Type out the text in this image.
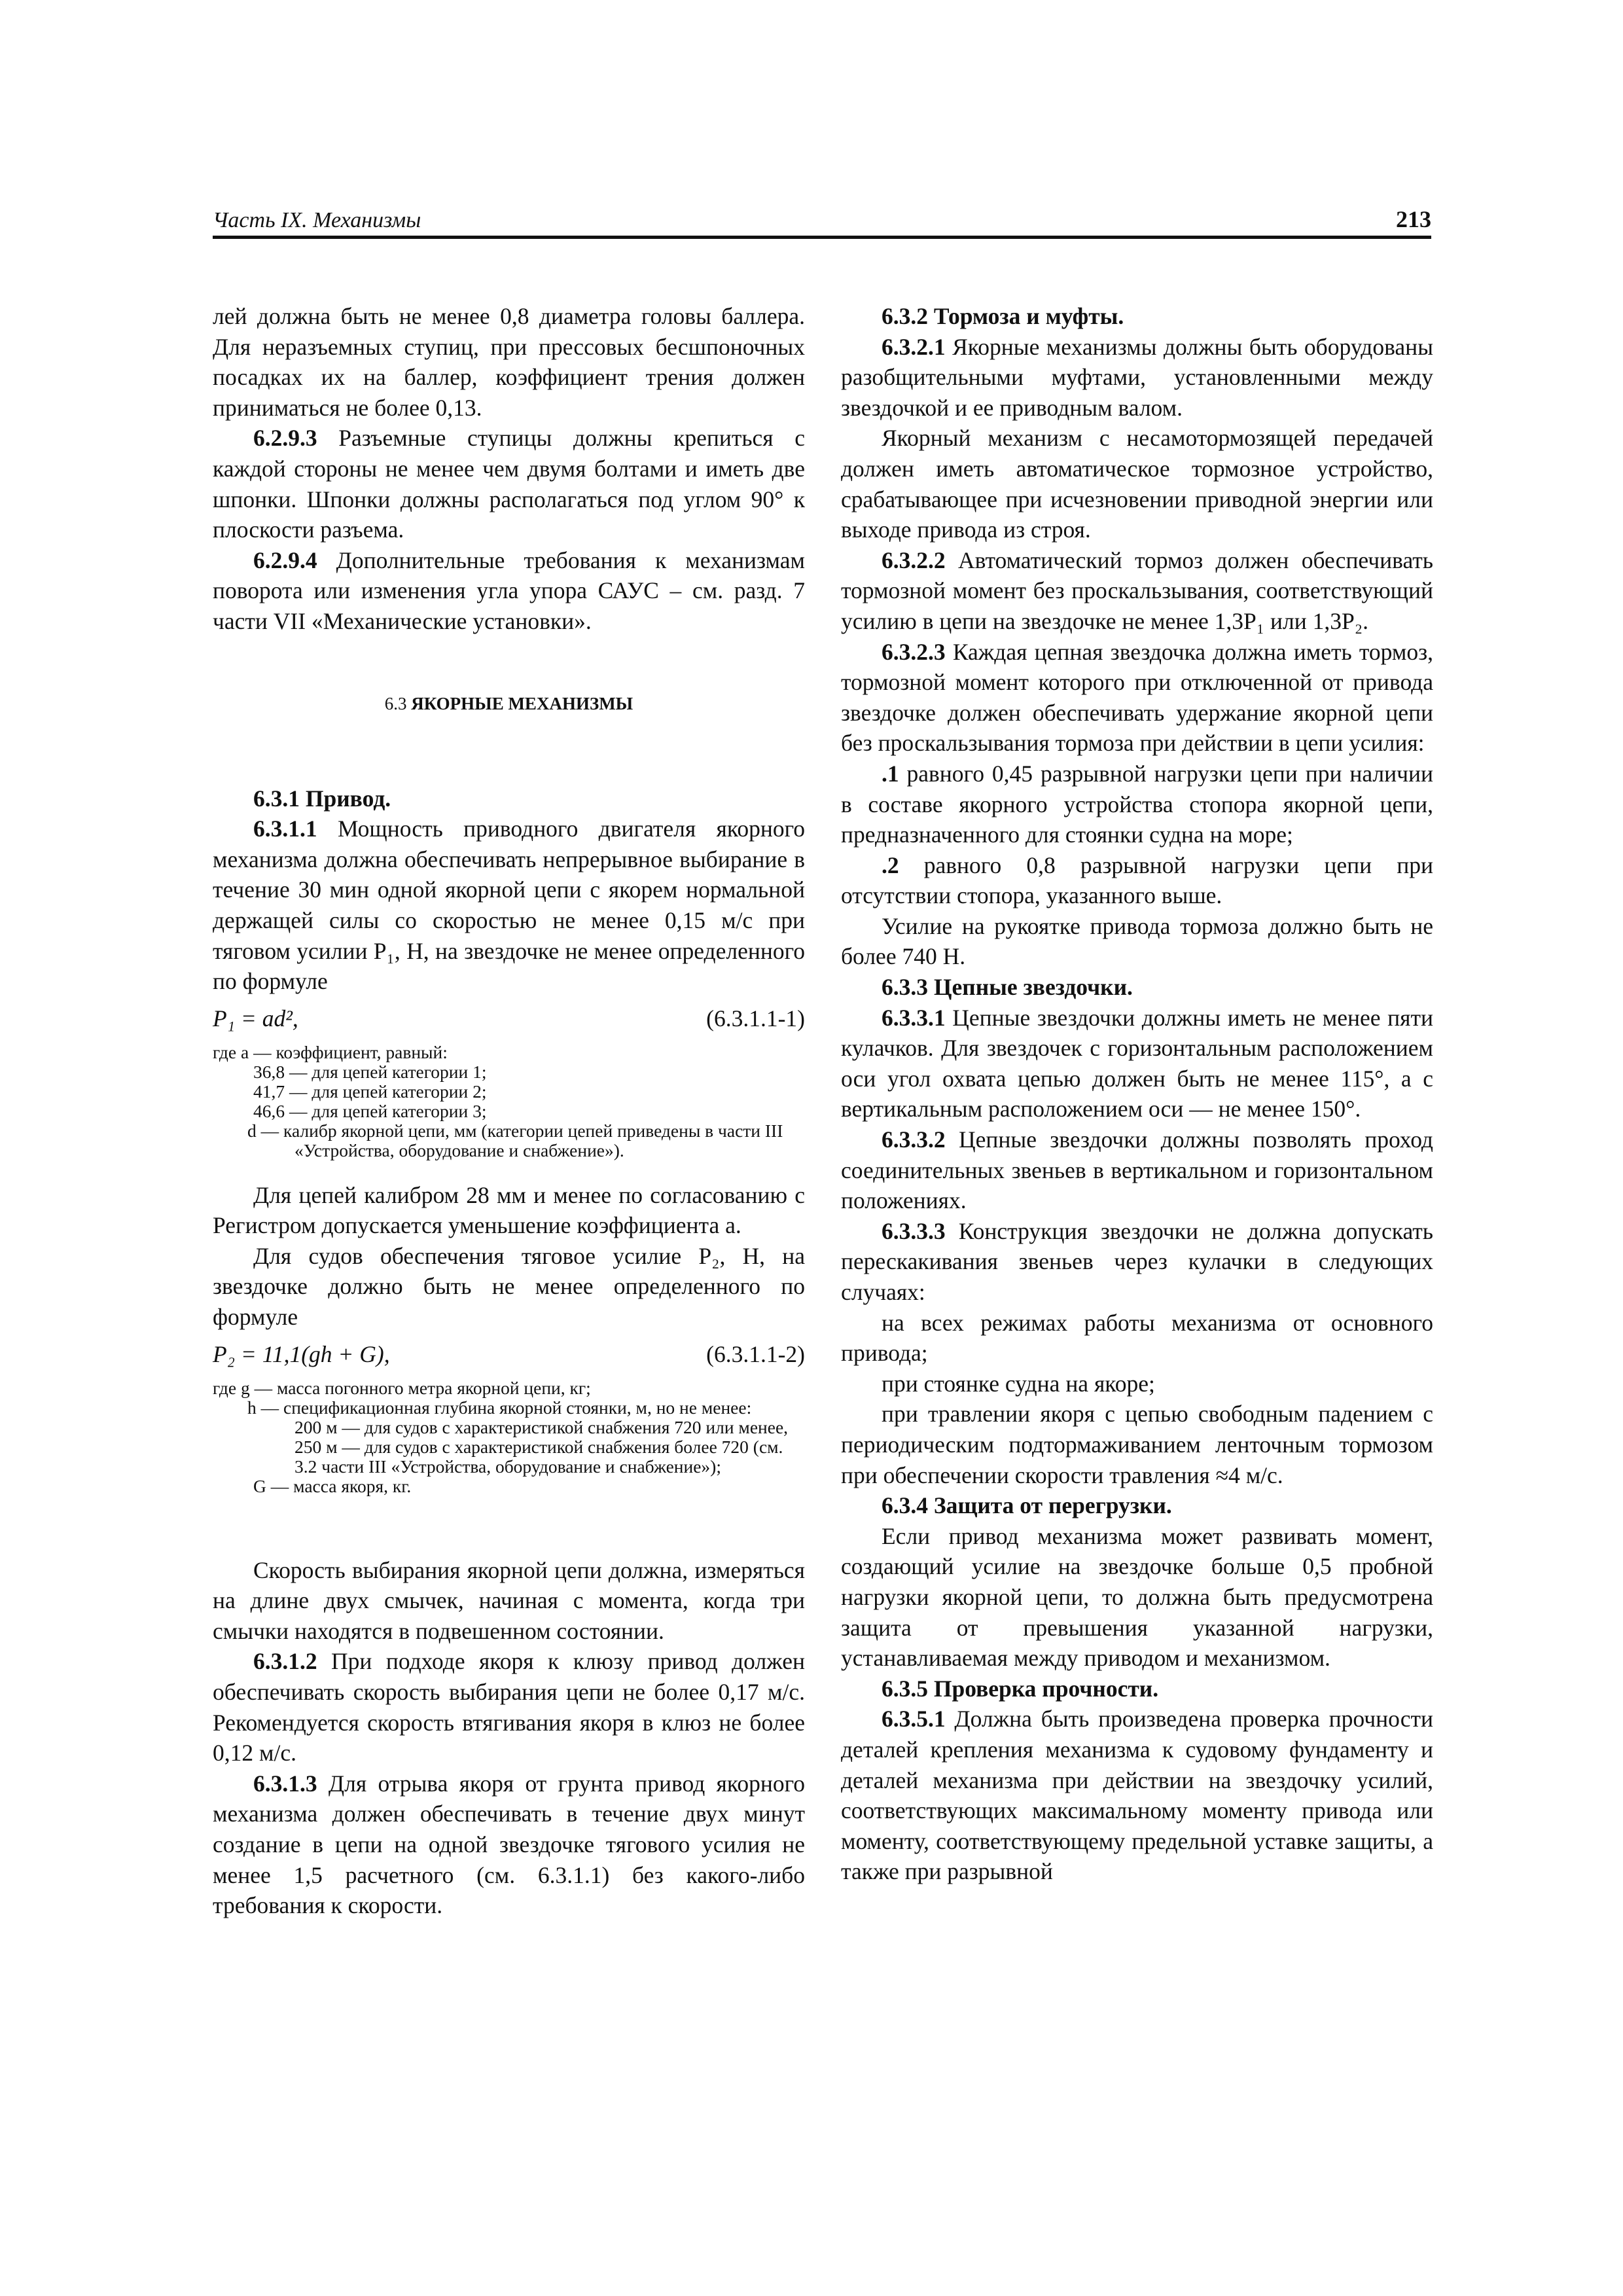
Часть IX. Механизмы	213

лей должна быть не менее 0,8 диаметра головы баллера. Для неразъемных ступиц, при прессовых бесшпоночных посадках их на баллер, коэффициент трения должен приниматься не более 0,13.

6.2.9.3 Разъемные ступицы должны крепиться с каждой стороны не менее чем двумя болтами и иметь две шпонки. Шпонки должны располагаться под углом 90° к плоскости разъема.

6.2.9.4 Дополнительные требования к механизмам поворота или изменения угла упора САУС – см. разд. 7 части VII «Механические установки».

6.3 ЯКОРНЫЕ МЕХАНИЗМЫ

6.3.1 Привод.

6.3.1.1 Мощность приводного двигателя якорного механизма должна обеспечивать непрерывное выбирание в течение 30 мин одной якорной цепи с якорем нормальной держащей силы со скоростью не менее 0,15 м/с при тяговом усилии P₁, Н, на звездочке не менее определенного по формуле

P₁ = ad²,	(6.3.1.1-1)
где a — коэффициент, равный:
36,8 — для цепей категории 1;
41,7 — для цепей категории 2;
46,6 — для цепей категории 3;
d — калибр якорной цепи, мм (категории цепей приведены в части III «Устройства, оборудование и снабжение»).

Для цепей калибром 28 мм и менее по согласованию с Регистром допускается уменьшение коэффициента a.

Для судов обеспечения тяговое усилие P₂, Н, на звездочке должно быть не менее определенного по формуле

P₂ = 11,1(gh + G),	(6.3.1.1-2)
где g — масса погонного метра якорной цепи, кг;
h — спецификационная глубина якорной стоянки, м, но не менее:
200 м — для судов с характеристикой снабжения 720 или менее,
250 м — для судов с характеристикой снабжения более 720 (см. 3.2 части III «Устройства, оборудование и снабжение»);
G — масса якоря, кг.

Скорость выбирания якорной цепи должна, измеряться на длине двух смычек, начиная с момента, когда три смычки находятся в подвешенном состоянии.

6.3.1.2 При подходе якоря к клюзу привод должен обеспечивать скорость выбирания цепи не более 0,17 м/с. Рекомендуется скорость втягивания якоря в клюз не более 0,12 м/с.

6.3.1.3 Для отрыва якоря от грунта привод якорного механизма должен обеспечивать в течение двух минут создание в цепи на одной звездочке тягового усилия не менее 1,5 расчетного (см. 6.3.1.1) без какого-либо требования к скорости.

6.3.2 Тормоза и муфты.

6.3.2.1 Якорные механизмы должны быть оборудованы разобщительными муфтами, установленными между звездочкой и ее приводным валом.

Якорный механизм с несамотормозящей передачей должен иметь автоматическое тормозное устройство, срабатывающее при исчезновении приводной энергии или выходе привода из строя.

6.3.2.2 Автоматический тормоз должен обеспечивать тормозной момент без проскальзывания, соответствующий усилию в цепи на звездочке не менее 1,3P₁ или 1,3P₂.

6.3.2.3 Каждая цепная звездочка должна иметь тормоз, тормозной момент которого при отключенной от привода звездочке должен обеспечивать удержание якорной цепи без проскальзывания тормоза при действии в цепи усилия:

.1 равного 0,45 разрывной нагрузки цепи при наличии в составе якорного устройства стопора якорной цепи, предназначенного для стоянки судна на море;

.2 равного 0,8 разрывной нагрузки цепи при отсутствии стопора, указанного выше.

Усилие на рукоятке привода тормоза должно быть не более 740 Н.

6.3.3 Цепные звездочки.

6.3.3.1 Цепные звездочки должны иметь не менее пяти кулачков. Для звездочек с горизонтальным расположением оси угол охвата цепью должен быть не менее 115°, а с вертикальным расположением оси — не менее 150°.

6.3.3.2 Цепные звездочки должны позволять проход соединительных звеньев в вертикальном и горизонтальном положениях.

6.3.3.3 Конструкция звездочки не должна допускать перескакивания звеньев через кулачки в следующих случаях:

на всех режимах работы механизма от основного привода;

при стоянке судна на якоре;

при травлении якоря с цепью свободным падением с периодическим подтормаживанием ленточным тормозом при обеспечении скорости травления ≈4 м/с.

6.3.4 Защита от перегрузки.

Если привод механизма может развивать момент, создающий усилие на звездочке больше 0,5 пробной нагрузки якорной цепи, то должна быть предусмотрена защита от превышения указанной нагрузки, устанавливаемая между приводом и механизмом.

6.3.5 Проверка прочности.

6.3.5.1 Должна быть произведена проверка прочности деталей крепления механизма к судовому фундаменту и деталей механизма при действии на звездочку усилий, соответствующих максимальному моменту привода или моменту, соответствующему предельной уставке защиты, а также при разрывной
